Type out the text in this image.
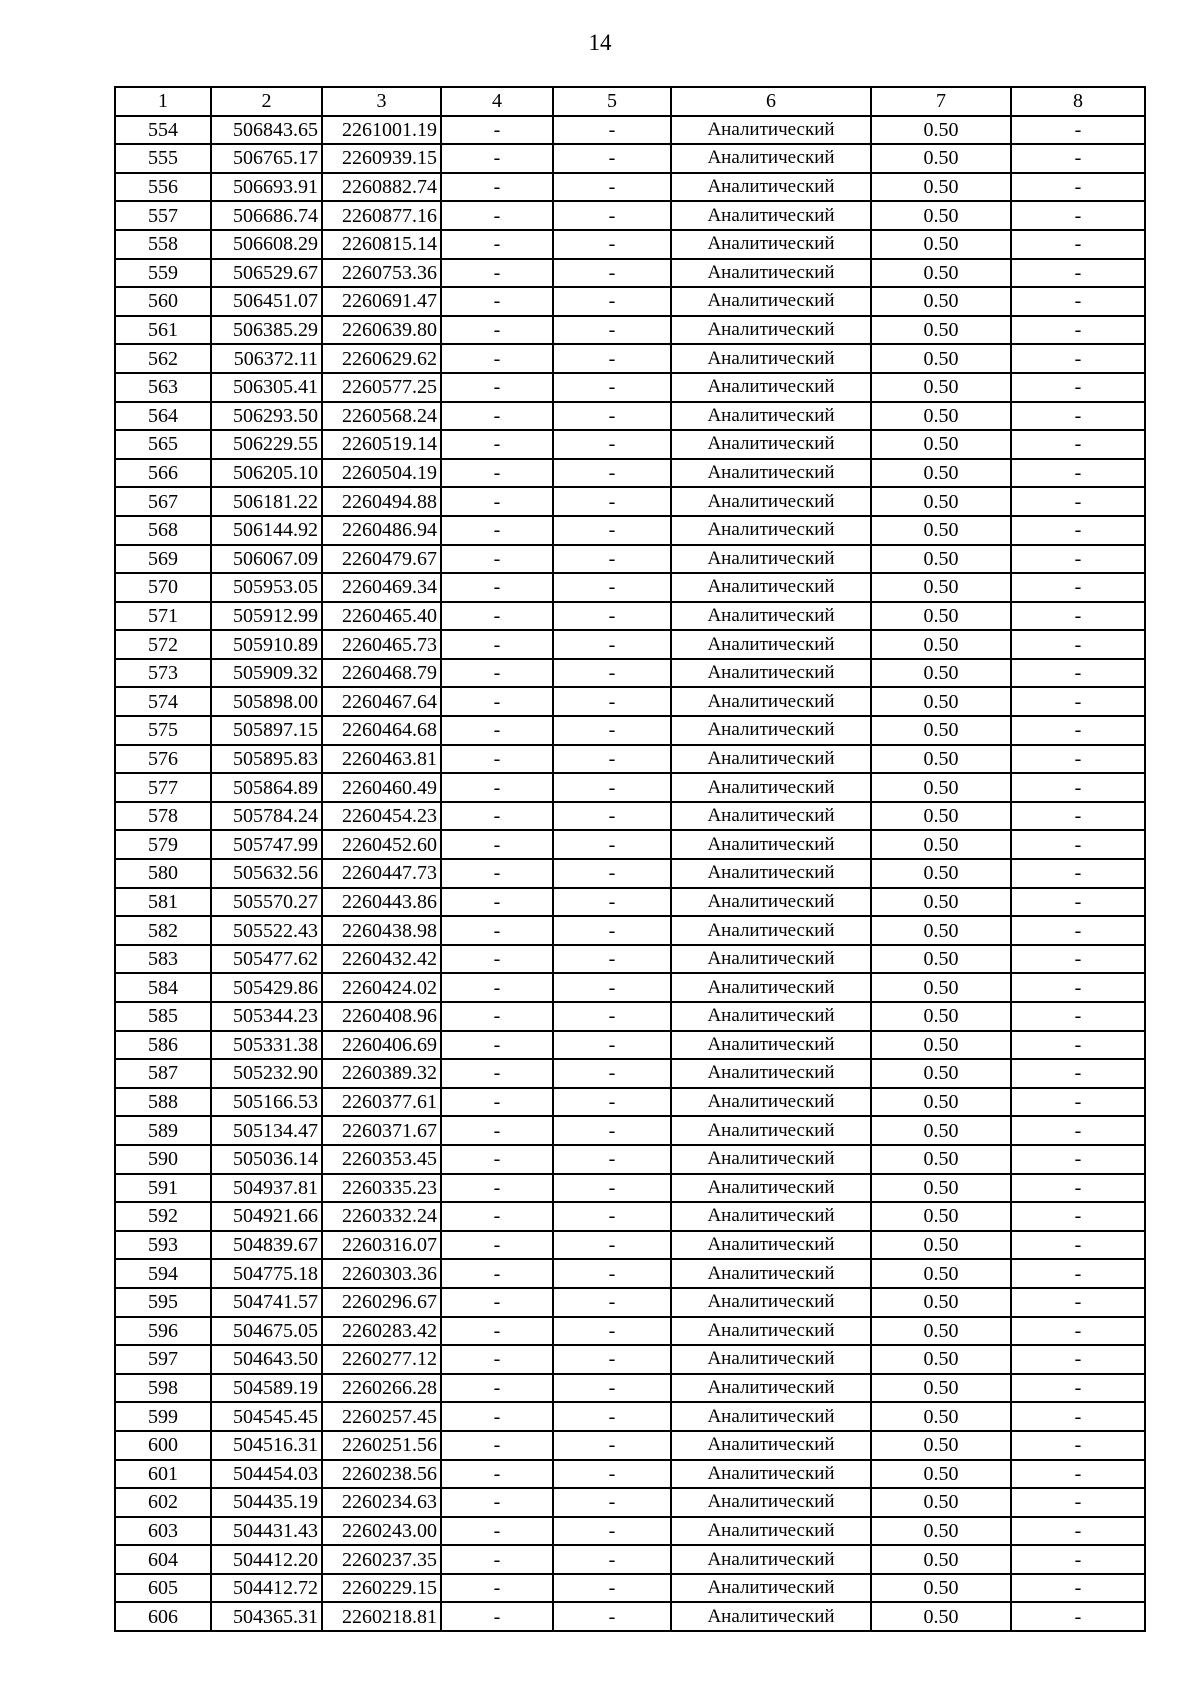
14
1	2	3	4	5	6	7	8
554	506843.65	2261001.19	-	-	Аналитический	0.50	-
555	506765.17	2260939.15	-	-	Аналитический	0.50	-
556	506693.91	2260882.74	-	-	Аналитический	0.50	-
557	506686.74	2260877.16	-	-	Аналитический	0.50	-
558	506608.29	2260815.14	-	-	Аналитический	0.50	-
559	506529.67	2260753.36	-	-	Аналитический	0.50	-
560	506451.07	2260691.47	-	-	Аналитический	0.50	-
561	506385.29	2260639.80	-	-	Аналитический	0.50	-
562	506372.11	2260629.62	-	-	Аналитический	0.50	-
563	506305.41	2260577.25	-	-	Аналитический	0.50	-
564	506293.50	2260568.24	-	-	Аналитический	0.50	-
565	506229.55	2260519.14	-	-	Аналитический	0.50	-
566	506205.10	2260504.19	-	-	Аналитический	0.50	-
567	506181.22	2260494.88	-	-	Аналитический	0.50	-
568	506144.92	2260486.94	-	-	Аналитический	0.50	-
569	506067.09	2260479.67	-	-	Аналитический	0.50	-
570	505953.05	2260469.34	-	-	Аналитический	0.50	-
571	505912.99	2260465.40	-	-	Аналитический	0.50	-
572	505910.89	2260465.73	-	-	Аналитический	0.50	-
573	505909.32	2260468.79	-	-	Аналитический	0.50	-
574	505898.00	2260467.64	-	-	Аналитический	0.50	-
575	505897.15	2260464.68	-	-	Аналитический	0.50	-
576	505895.83	2260463.81	-	-	Аналитический	0.50	-
577	505864.89	2260460.49	-	-	Аналитический	0.50	-
578	505784.24	2260454.23	-	-	Аналитический	0.50	-
579	505747.99	2260452.60	-	-	Аналитический	0.50	-
580	505632.56	2260447.73	-	-	Аналитический	0.50	-
581	505570.27	2260443.86	-	-	Аналитический	0.50	-
582	505522.43	2260438.98	-	-	Аналитический	0.50	-
583	505477.62	2260432.42	-	-	Аналитический	0.50	-
584	505429.86	2260424.02	-	-	Аналитический	0.50	-
585	505344.23	2260408.96	-	-	Аналитический	0.50	-
586	505331.38	2260406.69	-	-	Аналитический	0.50	-
587	505232.90	2260389.32	-	-	Аналитический	0.50	-
588	505166.53	2260377.61	-	-	Аналитический	0.50	-
589	505134.47	2260371.67	-	-	Аналитический	0.50	-
590	505036.14	2260353.45	-	-	Аналитический	0.50	-
591	504937.81	2260335.23	-	-	Аналитический	0.50	-
592	504921.66	2260332.24	-	-	Аналитический	0.50	-
593	504839.67	2260316.07	-	-	Аналитический	0.50	-
594	504775.18	2260303.36	-	-	Аналитический	0.50	-
595	504741.57	2260296.67	-	-	Аналитический	0.50	-
596	504675.05	2260283.42	-	-	Аналитический	0.50	-
597	504643.50	2260277.12	-	-	Аналитический	0.50	-
598	504589.19	2260266.28	-	-	Аналитический	0.50	-
599	504545.45	2260257.45	-	-	Аналитический	0.50	-
600	504516.31	2260251.56	-	-	Аналитический	0.50	-
601	504454.03	2260238.56	-	-	Аналитический	0.50	-
602	504435.19	2260234.63	-	-	Аналитический	0.50	-
603	504431.43	2260243.00	-	-	Аналитический	0.50	-
604	504412.20	2260237.35	-	-	Аналитический	0.50	-
605	504412.72	2260229.15	-	-	Аналитический	0.50	-
606	504365.31	2260218.81	-	-	Аналитический	0.50	-
